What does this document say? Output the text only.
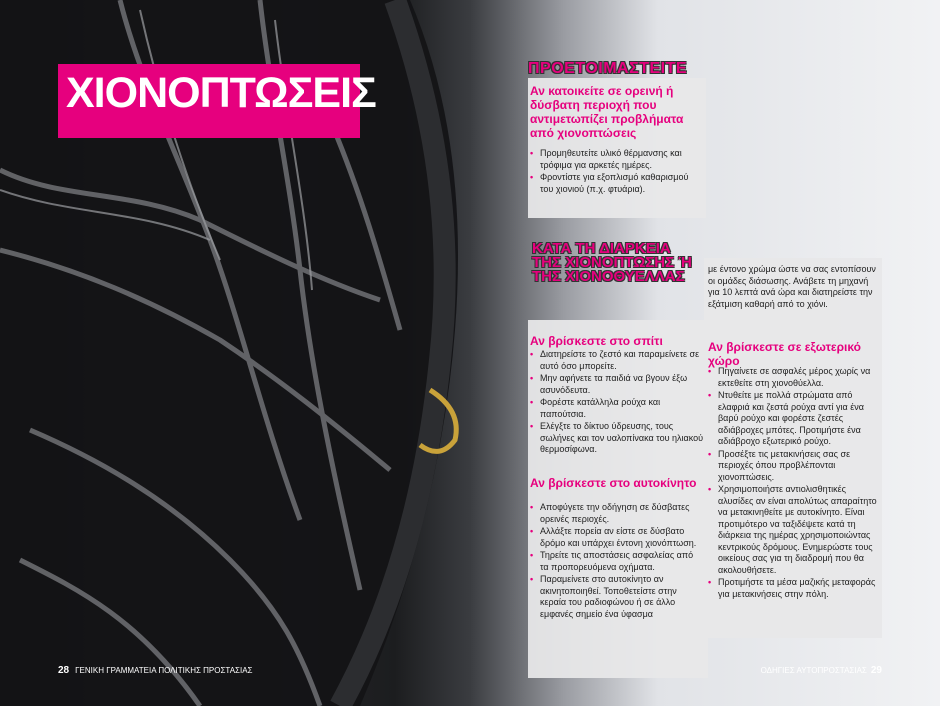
ΧΙΟΝΟΠΤΩΣΕΙΣ
ΠΡΟΕΤΟΙΜΑΣΤΕΙΤΕ
Αν κατοικείτε σε ορεινή ή δύσβατη περιοχή που αντιμετωπίζει προβλήματα από χιονοπτώσεις
• Προμηθευτείτε υλικό θέρμανσης και τρόφιμα για αρκετές ημέρες.
• Φροντίστε για εξοπλισμό καθαρισμού του χιονιού (π.χ. φτυάρια).
ΚΑΤΑ ΤΗ ΔΙΑΡΚΕΙΑ ΤΗΣ ΧΙΟΝΟΠΤΩΣΗΣ Ή ΤΗΣ ΧΙΟΝΟΘΥΕΛΛΑΣ
Αν βρίσκεστε στο σπίτι
• Διατηρείστε το ζεστό και παραμείνετε σε αυτό όσο μπορείτε.
• Μην αφήνετε τα παιδιά να βγουν έξω ασυνόδευτα.
• Φορέστε κατάλληλα ρούχα και παπούτσια.
• Ελέγξτε το δίκτυο ύδρευσης, τους σωλήνες και τον υαλοπίνακα του ηλιακού θερμοσίφωνα.
Αν βρίσκεστε στο αυτοκίνητο
• Αποφύγετε την οδήγηση σε δύσβατες ορεινές περιοχές.
• Αλλάξτε πορεία αν είστε σε δύσβατο δρόμο και υπάρχει έντονη χιονόπτωση.
• Τηρείτε τις αποστάσεις ασφαλείας από τα προπορευόμενα οχήματα.
• Παραμείνετε στο αυτοκίνητο αν ακινητοποιηθεί. Τοποθετείστε στην κεραία του ραδιοφώνου ή σε άλλο εμφανές σημείο ένα ύφασμα
με έντονο χρώμα ώστε να σας εντοπίσουν οι ομάδες διάσωσης. Ανάβετε τη μηχανή για 10 λεπτά ανά ώρα και διατηρείστε την εξάτμιση καθαρή από το χιόνι.
Αν βρίσκεστε σε εξωτερικό χώρο
• Πηγαίνετε σε ασφαλές μέρος χωρίς να εκτεθείτε στη χιονοθύελλα.
• Ντυθείτε με πολλά στρώματα από ελαφριά και ζεστά ρούχα αντί για ένα βαρύ ρούχο και φορέστε ζεστές αδιάβροχες μπότες. Προτιμήστε ένα αδιάβροχο εξωτερικό ρούχο.
• Προσέξτε τις μετακινήσεις σας σε περιοχές όπου προβλέπονται χιονοπτώσεις.
• Χρησιμοποιήστε αντιολισθητικές αλυσίδες αν είναι απολύτως απαραίτητο να μετακινηθείτε με αυτοκίνητο. Είναι προτιμότερο να ταξιδέψετε κατά τη διάρκεια της ημέρας χρησιμοποιώντας κεντρικούς δρόμους. Ενημερώστε τους οικείους σας για τη διαδρομή που θα ακολουθήσετε.
• Προτιμήστε τα μέσα μαζικής μεταφοράς για μετακινήσεις στην πόλη.
28 ΓΕΝΙΚΗ ΓΡΑΜΜΑΤΕΙΑ ΠΟΛΙΤΙΚΗΣ ΠΡΟΣΤΑΣΙΑΣ	ΟΔΗΓΙΕΣ ΑΥΤΟΠΡΟΣΤΑΣΙΑΣ 29
